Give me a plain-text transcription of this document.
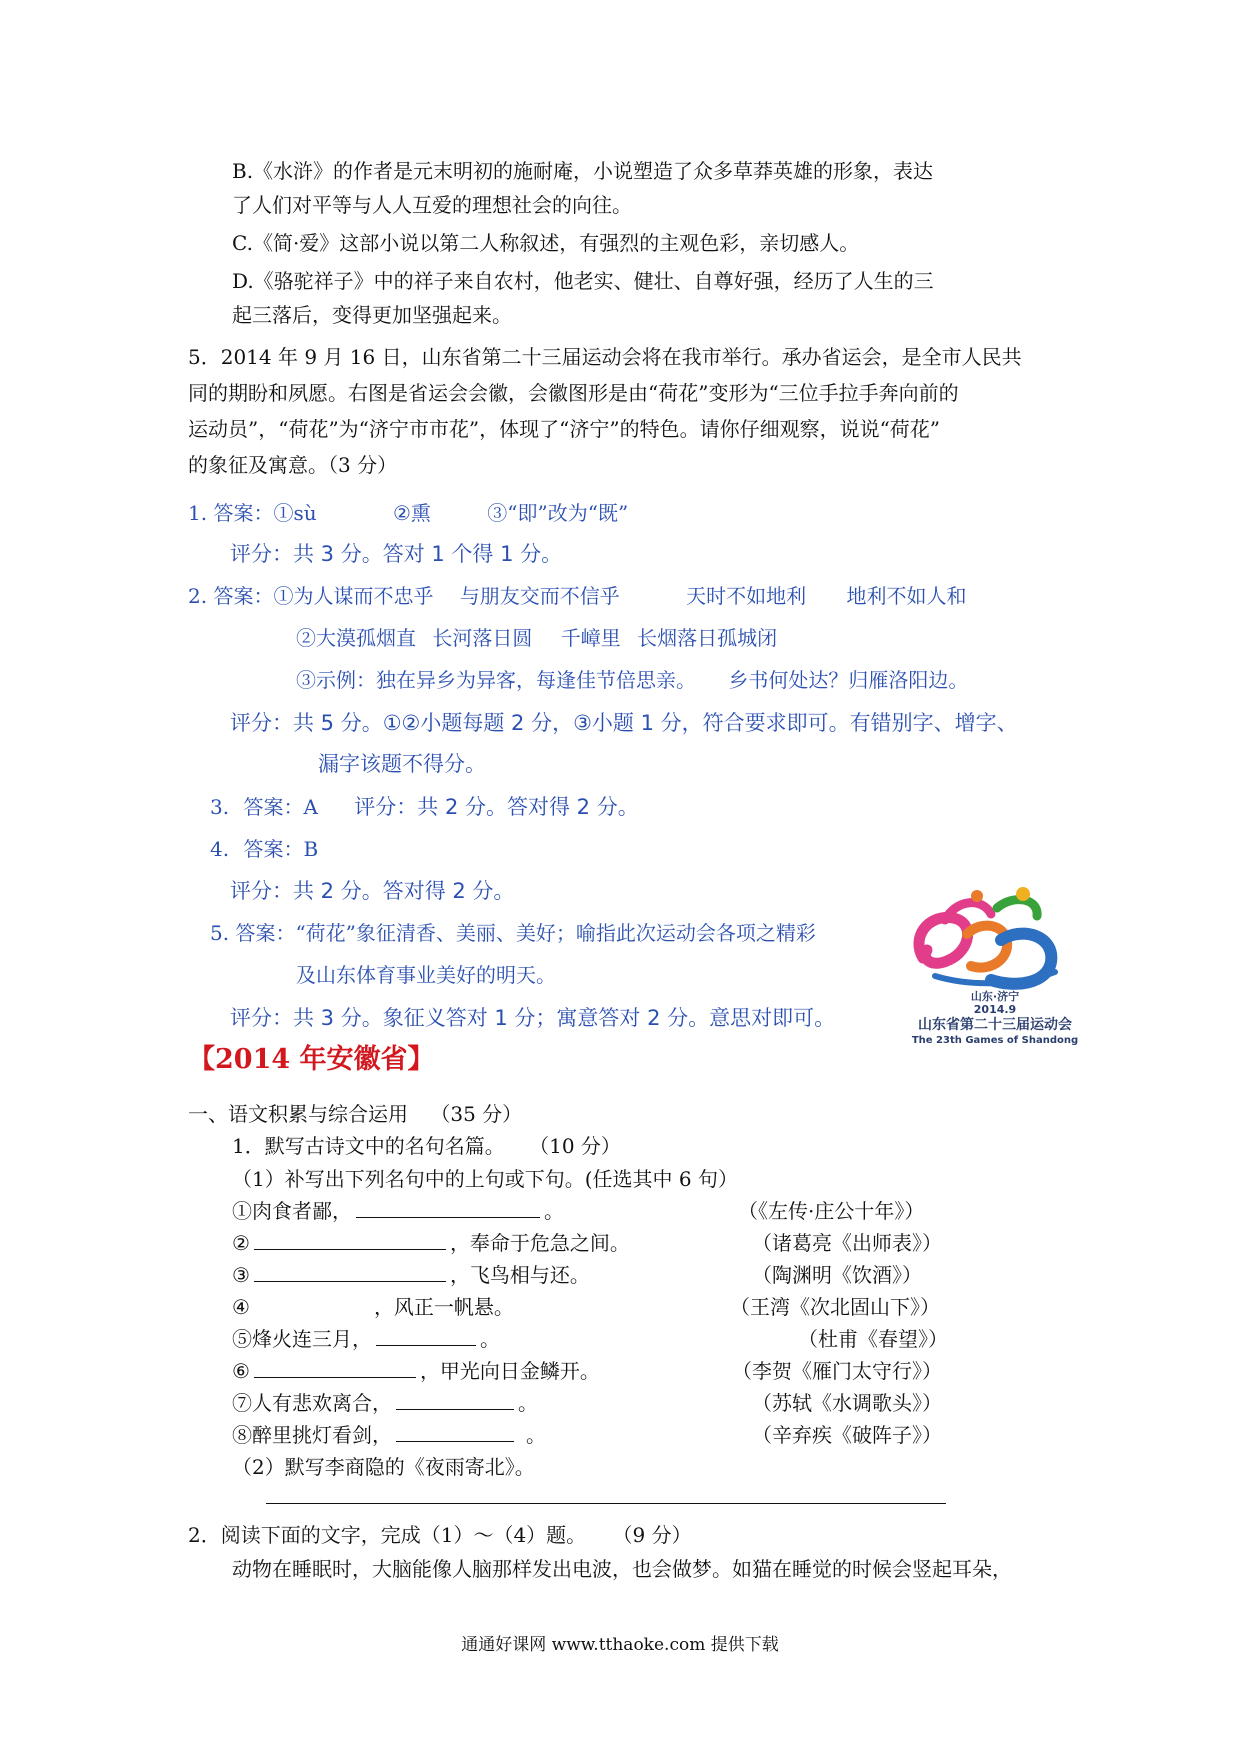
B.《水浒》的作者是元末明初的施耐庵，小说塑造了众多草莽英雄的形象，表达
了人们对平等与人人互爱的理想社会的向往。
C.《简·爱》这部小说以第二人称叙述，有强烈的主观色彩，亲切感人。
D.《骆驼祥子》中的祥子来自农村，他老实、健壮、自尊好强，经历了人生的三
起三落后，变得更加坚强起来。
5．2014 年 9 月 16 日，山东省第二十三届运动会将在我市举行。承办省运会，是全市人民共
同的期盼和夙愿。右图是省运会会徽，会徽图形是由“荷花”变形为“三位手拉手奔向前的
运动员”，“荷花”为“济宁市市花”，体现了“济宁”的特色。请你仔细观察，说说“荷花”
的象征及寓意。（3 分）
1. 答案：①sù	②熏	③“即”改为“既”
评分：共 3 分。答对 1 个得 1 分。
2. 答案：①为人谋而不忠乎 与朋友交而不信乎	天时不如地利 地利不如人和
②大漠孤烟直 长河落日圆 千嶂里 长烟落日孤城闭
③示例：独在异乡为异客，每逢佳节倍思亲。 乡书何处达？归雁洛阳边。
评分：共 5 分。①②小题每题 2 分，③小题 1 分，符合要求即可。有错别字、增字、
漏字该题不得分。
3. 答案：A 评分：共 2 分。答对得 2 分。
4. 答案：B
评分：共 2 分。答对得 2 分。
5. 答案：“荷花”象征清香、美丽、美好；喻指此次运动会各项之精彩
及山东体育事业美好的明天。
评分：共 3 分。象征义答对 1 分；寓意答对 2 分。意思对即可。
山东·济宁
2014.9
山东省第二十三届运动会
The 23th Games of Shandong
【2014 年安徽省】
一、语文积累与综合运用 （35 分）
1．默写古诗文中的名句名篇。 （10 分）
（1）补写出下列名句中的上句或下句。(任选其中 6 句）
①肉食者鄙，	。	（《左传·庄公十年》）
②	，奉命于危急之间。	（诸葛亮《出师表》）
③	，飞鸟相与还。	（陶渊明《饮酒》）
④	，风正一帆悬。	（王湾《次北固山下》）
⑤烽火连三月，	。	（杜甫《春望》）
⑥	，甲光向日金鳞开。	（李贺《雁门太守行》）
⑦人有悲欢离合，	。	（苏轼《水调歌头》）
⑧醉里挑灯看剑，	。	（辛弃疾《破阵子》）
（2）默写李商隐的《夜雨寄北》。
2．阅读下面的文字，完成（1）～（4）题。 （9 分）
动物在睡眠时，大脑能像人脑那样发出电波，也会做梦。如猫在睡觉的时候会竖起耳朵，
通通好课网 www.tthaoke.com 提供下载
